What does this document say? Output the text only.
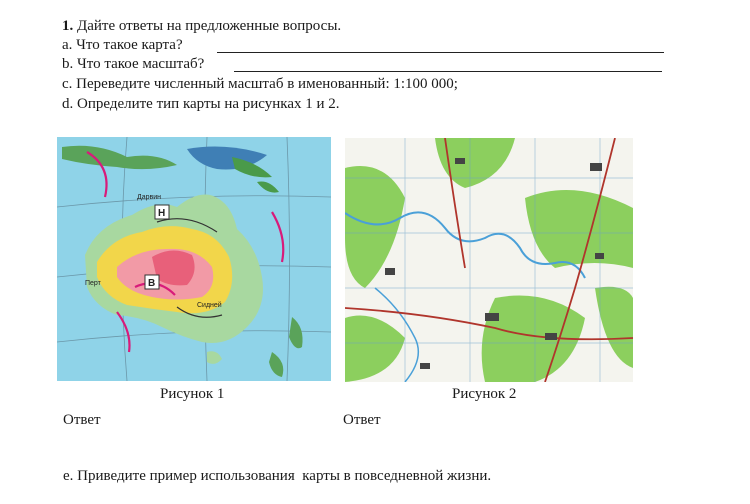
1. Дайте ответы на предложенные вопросы.
a. Что такое карта?
b. Что такое масштаб?
c. Переведите численный масштаб в именованный: 1:100 000;
d. Определите тип карты на рисунках 1 и 2.
Н
В
Перт
Сидней
Дарвин
Рисунок 1	Рисунок 2
Ответ	Ответ
e. Приведите пример использования  карты в повседневной жизни.
